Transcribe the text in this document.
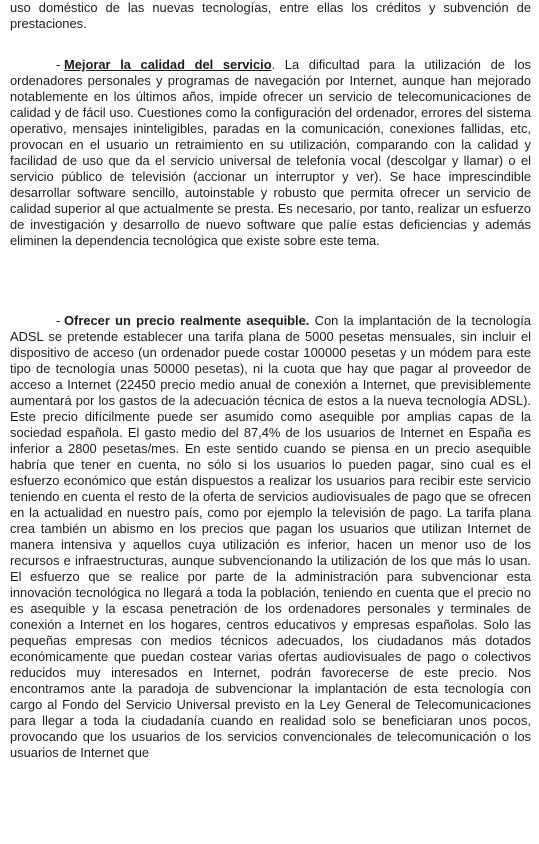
uso doméstico de las nuevas tecnologías, entre ellas los créditos y subvención de prestaciones.

- Mejorar la calidad del servicio. La dificultad para la utilización de los ordenadores personales y programas de navegación por Internet, aunque han mejorado notablemente en los últimos años, impide ofrecer un servicio de telecomunicaciones de calidad y de fácil uso. Cuestiones como la configuración del ordenador, errores del sistema operativo, mensajes ininteligibles, paradas en la comunicación, conexiones fallidas, etc, provocan en el usuario un retraimiento en su utilización, comparando con la calidad y facilidad de uso que da el servicio universal de telefonía vocal (descolgar y llamar) o el servicio público de televisión (accionar un interruptor y ver). Se hace imprescindible desarrollar software sencillo, autoinstable y robusto que permita ofrecer un servicio de calidad superior al que actualmente se presta. Es necesario, por tanto, realizar un esfuerzo de investigación y desarrollo de nuevo software que palíe estas deficiencias y además eliminen la dependencia tecnológica que existe sobre este tema.

- Ofrecer un precio realmente asequible. Con la implantación de la tecnología ADSL se pretende establecer una tarifa plana de 5000 pesetas mensuales, sin incluir el dispositivo de acceso (un ordenador puede costar 100000 pesetas y un módem para este tipo de tecnología unas 50000 pesetas), ni la cuota que hay que pagar al proveedor de acceso a Internet (22450 precio medio anual de conexión a Internet, que previsiblemente aumentará por los gastos de la adecuación técnica de estos a la nueva tecnología ADSL). Este precio difícilmente puede ser asumido como asequible por amplias capas de la sociedad española. El gasto medio del 87,4% de los usuarios de Internet en España es inferior a 2800 pesetas/mes. En este sentido cuando se piensa en un precio asequible habría que tener en cuenta, no sólo si los usuarios lo pueden pagar, sino cual es el esfuerzo económico que están dispuestos a realizar los usuarios para recibir este servicio teniendo en cuenta el resto de la oferta de servicios audiovisuales de pago que se ofrecen en la actualidad en nuestro país, como por ejemplo la televisión de pago. La tarifa plana crea también un abismo en los precios que pagan los usuarios que utilizan Internet de manera intensiva y aquellos cuya utilización es inferior, hacen un menor uso de los recursos e infraestructuras, aunque subvencionando la utilización de los que más lo usan. El esfuerzo que se realice por parte de la administración para subvencionar esta innovación tecnológica no llegará a toda la población, teniendo en cuenta que el precio no es asequible y la escasa penetración de los ordenadores personales y terminales de conexión a Internet en los hogares, centros educativos y empresas españolas. Solo las pequeñas empresas con medios técnicos adecuados, los ciudadanos más dotados económicamente que puedan costear varias ofertas audiovisuales de pago o colectivos reducidos muy interesados en Internet, podrán favorecerse de este precio. Nos encontramos ante la paradoja de subvencionar la implantación de esta tecnología con cargo al Fondo del Servicio Universal previsto en la Ley General de Telecomunicaciones para llegar a toda la ciudadanía cuando en realidad solo se beneficiaran unos pocos, provocando que los usuarios de los servicios convencionales de telecomunicación o los usuarios de Internet que
